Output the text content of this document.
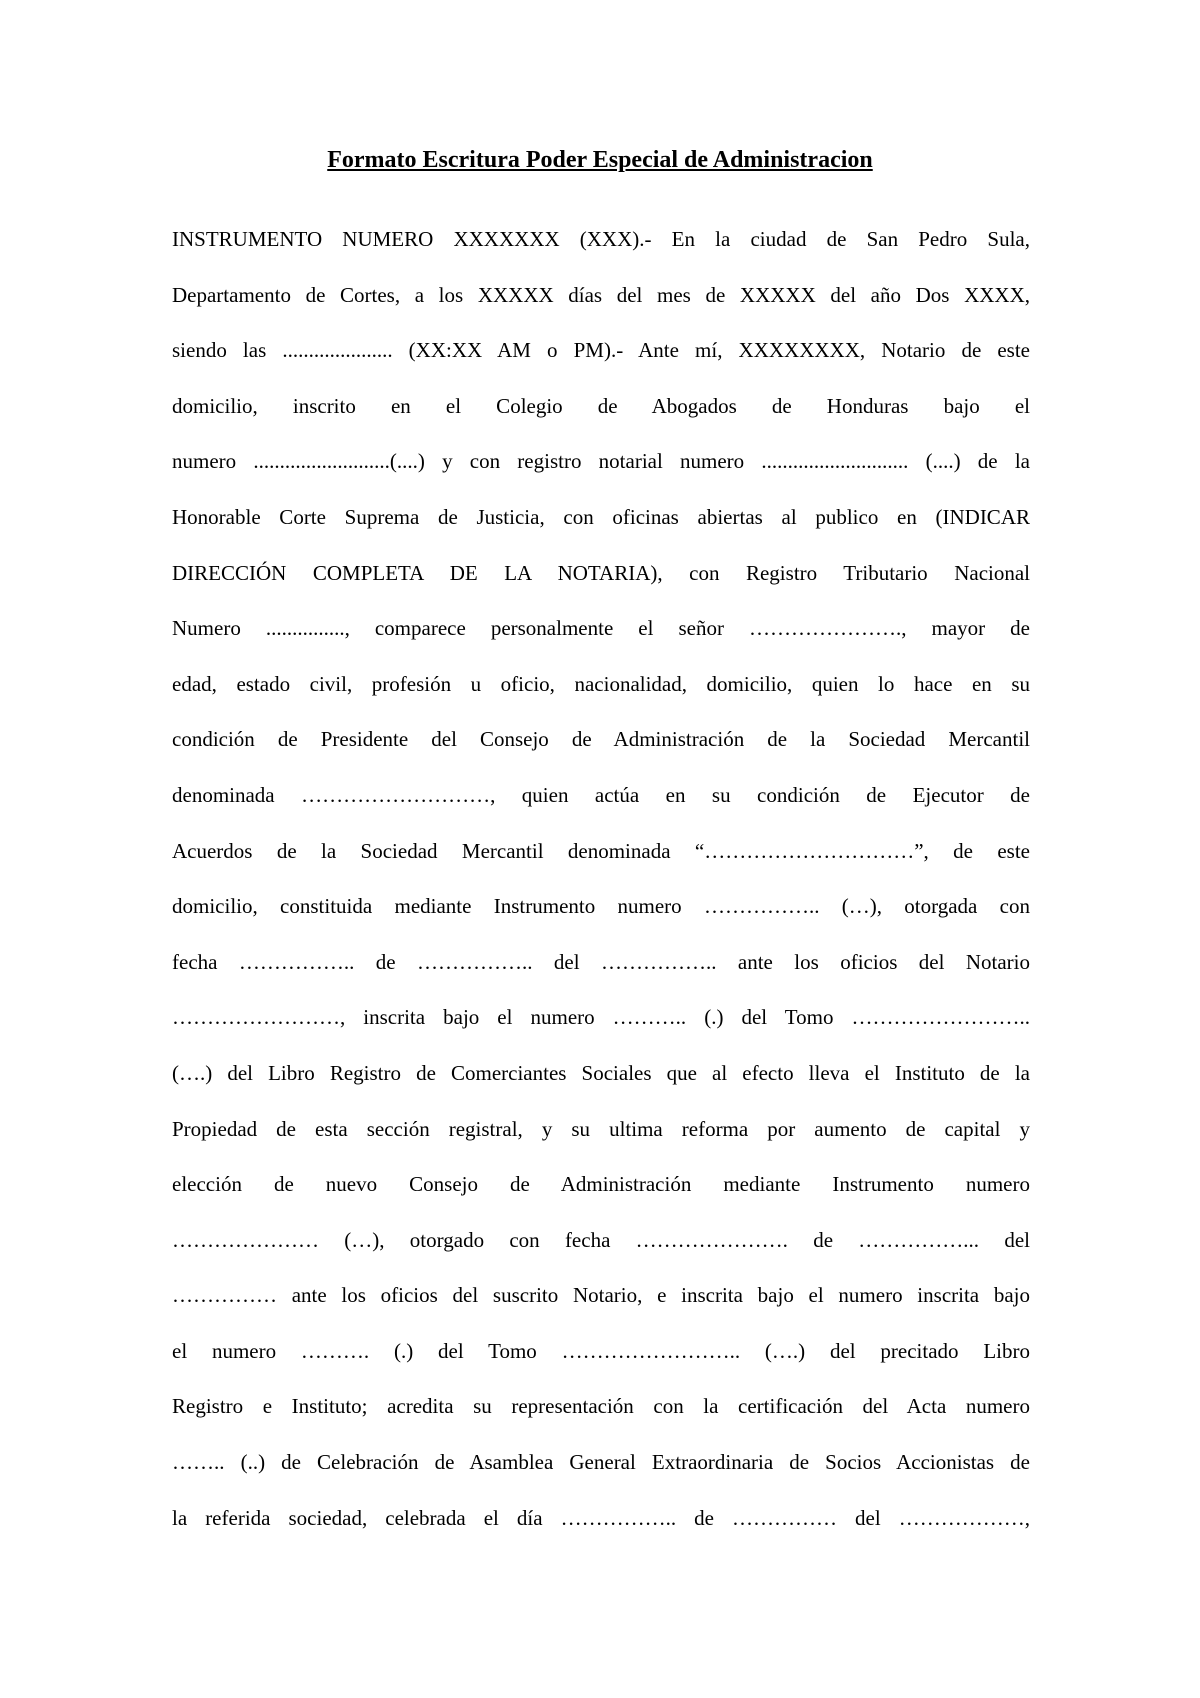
Formato Escritura Poder Especial de Administracion
INSTRUMENTO NUMERO XXXXXXX (XXX).- En la ciudad de San Pedro Sula,
Departamento de Cortes, a los XXXXX días del mes de XXXXX del año Dos XXXX,
siendo las ..................... (XX:XX AM o PM).- Ante mí, XXXXXXXX, Notario de este
domicilio, inscrito en el Colegio de Abogados de Honduras bajo el
numero ..........................(....) y con registro notarial numero ............................ (....) de la
Honorable Corte Suprema de Justicia, con oficinas abiertas al publico en (INDICAR
DIRECCIÓN COMPLETA DE LA NOTARIA), con Registro Tributario Nacional
Numero ..............., comparece personalmente el señor …………………., mayor de
edad, estado civil, profesión u oficio, nacionalidad, domicilio, quien lo hace en su
condición de Presidente del Consejo de Administración de la Sociedad Mercantil
denominada ………………………, quien actúa en su condición de Ejecutor de
Acuerdos de la Sociedad Mercantil denominada “…………………………”, de este
domicilio, constituida mediante Instrumento numero …………….. (…), otorgada con
fecha …………….. de …………….. del …………….. ante los oficios del Notario
……………………, inscrita bajo el numero ……….. (.) del Tomo ……………………..
(….) del Libro Registro de Comerciantes Sociales que al efecto lleva el Instituto de la
Propiedad de esta sección registral, y su ultima reforma por aumento de capital y
elección de nuevo Consejo de Administración mediante Instrumento numero
………………… (…), otorgado con fecha …………………. de ……………... del
…………… ante los oficios del suscrito Notario, e inscrita bajo el numero inscrita bajo
el numero ………. (.) del Tomo …………………….. (….) del precitado Libro
Registro e Instituto; acredita su representación con la certificación del Acta numero
…….. (..) de Celebración de Asamblea General Extraordinaria de Socios Accionistas de
la referida sociedad, celebrada el día …………….. de …………… del ………………,
